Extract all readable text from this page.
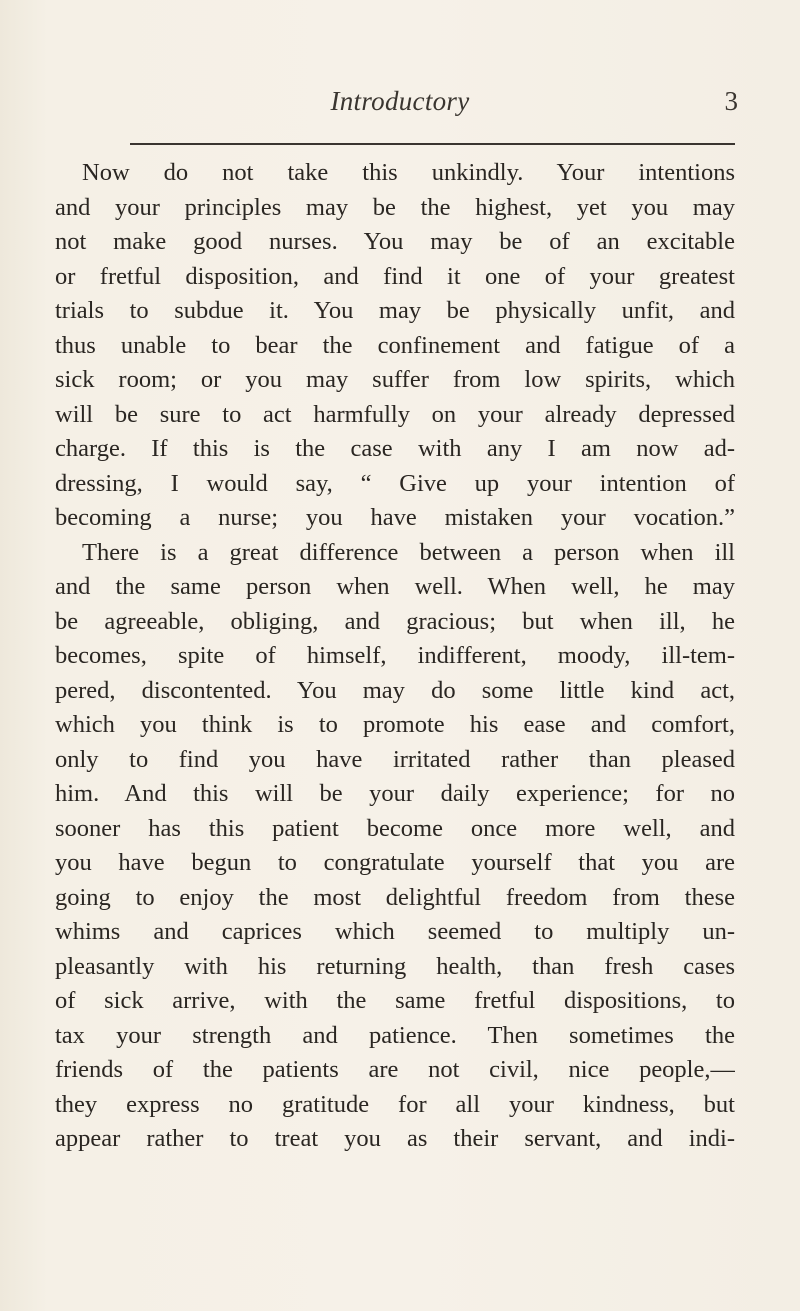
Introductory	3
Now do not take this unkindly. Your intentions
and your principles may be the highest, yet you may
not make good nurses. You may be of an excitable
or fretful disposition, and find it one of your greatest
trials to subdue it. You may be physically unfit, and
thus unable to bear the confinement and fatigue of a
sick room; or you may suffer from low spirits, which
will be sure to act harmfully on your already depressed
charge. If this is the case with any I am now ad-
dressing, I would say, “ Give up your intention of
becoming a nurse; you have mistaken your vocation.”
There is a great difference between a person when ill
and the same person when well. When well, he may
be agreeable, obliging, and gracious; but when ill, he
becomes, spite of himself, indifferent, moody, ill-tem-
pered, discontented. You may do some little kind act,
which you think is to promote his ease and comfort,
only to find you have irritated rather than pleased
him. And this will be your daily experience; for no
sooner has this patient become once more well, and
you have begun to congratulate yourself that you are
going to enjoy the most delightful freedom from these
whims and caprices which seemed to multiply un-
pleasantly with his returning health, than fresh cases
of sick arrive, with the same fretful dispositions, to
tax your strength and patience. Then sometimes the
friends of the patients are not civil, nice people,—
they express no gratitude for all your kindness, but
appear rather to treat you as their servant, and indi-
